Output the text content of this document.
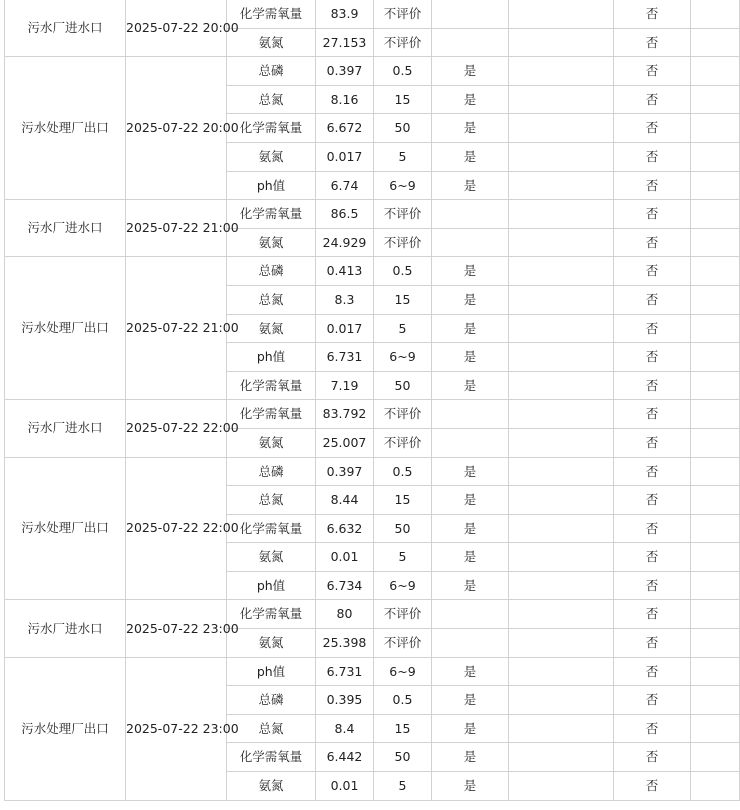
污水厂进水口	2025-07-22 20:00	化学需氧量	83.9	不评价			否	
		氨氮	27.153	不评价			否	
污水处理厂出口	2025-07-22 20:00	总磷	0.397	0.5	是		否	
		总氮	8.16	15	是		否	
		化学需氧量	6.672	50	是		否	
		氨氮	0.017	5	是		否	
		ph值	6.74	6~9	是		否	
污水厂进水口	2025-07-22 21:00	化学需氧量	86.5	不评价			否	
		氨氮	24.929	不评价			否	
污水处理厂出口	2025-07-22 21:00	总磷	0.413	0.5	是		否	
		总氮	8.3	15	是		否	
		氨氮	0.017	5	是		否	
		ph值	6.731	6~9	是		否	
		化学需氧量	7.19	50	是		否	
污水厂进水口	2025-07-22 22:00	化学需氧量	83.792	不评价			否	
		氨氮	25.007	不评价			否	
污水处理厂出口	2025-07-22 22:00	总磷	0.397	0.5	是		否	
		总氮	8.44	15	是		否	
		化学需氧量	6.632	50	是		否	
		氨氮	0.01	5	是		否	
		ph值	6.734	6~9	是		否	
污水厂进水口	2025-07-22 23:00	化学需氧量	80	不评价			否	
		氨氮	25.398	不评价			否	
污水处理厂出口	2025-07-22 23:00	ph值	6.731	6~9	是		否	
		总磷	0.395	0.5	是		否	
		总氮	8.4	15	是		否	
		化学需氧量	6.442	50	是		否	
		氨氮	0.01	5	是		否	
